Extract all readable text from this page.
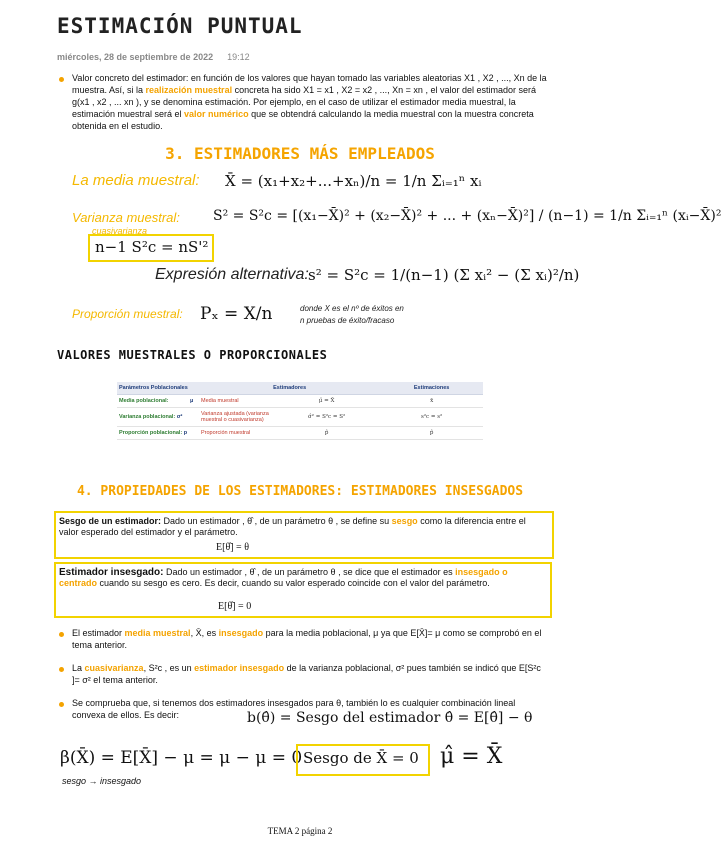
ESTIMACIÓN PUNTUAL
miércoles, 28 de septiembre de 2022 19:12
Valor concreto del estimador: en función de los valores que hayan tomado las variables aleatorias X1 , X2 , ..., Xn de la muestra. Así, si la realización muestral concreta ha sido X1 = x1 , X2 = x2 , ..., Xn = xn , el valor del estimador será g(x1 , x2 , ... xn ), y se denomina estimación. Por ejemplo, en el caso de utilizar el estimador media muestral, la estimación muestral será el valor numérico que se obtendrá calculando la media muestral con la muestra concreta obtenida en el estudio.
3. ESTIMADORES MÁS EMPLEADOS
La media muestral: X̄ = (x₁+x₂+...+xₙ)/n = 1/n Σᵢ₌₁ⁿ xᵢ
Varianza muestral:
cuasivarianza
S² = S²c = [(x₁−X̄)² + (x₂−X̄)² + ... + (xₙ−X̄)²] / (n−1) = 1/n Σᵢ₌₁ⁿ (xᵢ−X̄)²
n−1 S²c = nS'²
Expresión alternativa: s² = S²c = 1/(n−1) (Σ xᵢ² − (Σ xᵢ)²/n)
Proporción muestral: Pₓ = X/n	donde X es el nº de éxitos en
n pruebas de éxito/fracaso
VALORES MUESTRALES O PROPORCIONALES
Parámetros Poblacionales	Estimadores		Estimaciones
Media poblacional: μ	Media muestral	μ̂ = X̄	x̄
Varianza poblacional: σ²	Varianza ajustada (varianza muestral o cuasivarianza)	σ̂² = S²c = S²	s²c = s²
Proporción poblacional: p	Proporción muestral	p̂	p̂
4. PROPIEDADES DE LOS ESTIMADORES: ESTIMADORES INSESGADOS
Sesgo de un estimador: Dado un estimador , θ̂ , de un parámetro θ , se define su sesgo como la diferencia entre el valor esperado del estimador y el parámetro.
E[θ̂] = θ
Estimador insesgado: Dado un estimador , θ̂ , de un parámetro θ , se dice que el estimador es insesgado o centrado cuando su sesgo es cero. Es decir, cuando su valor esperado coincide con el valor del parámetro.
E[θ̂] = 0
El estimador media muestral, X̄, es insesgado para la media poblacional, μ ya que E[X̄]= μ como se comprobó en el tema anterior.
La cuasivarianza, S²c , es un estimador insesgado de la varianza poblacional, σ² pues también se indicó que E[S²c ]= σ² el tema anterior.
Se comprueba que, si tenemos dos estimadores insesgados para θ, también lo es cualquier combinación lineal convexa de ellos. Es decir:	b(θ̂) = Sesgo del estimador θ̂ = E[θ̂] − θ
β(X̄) = E[X̄] − μ = μ − μ = 0 Sesgo de X̄ = 0 μ̂ = X̄
sesgo → insesgado
TEMA 2 página 2
